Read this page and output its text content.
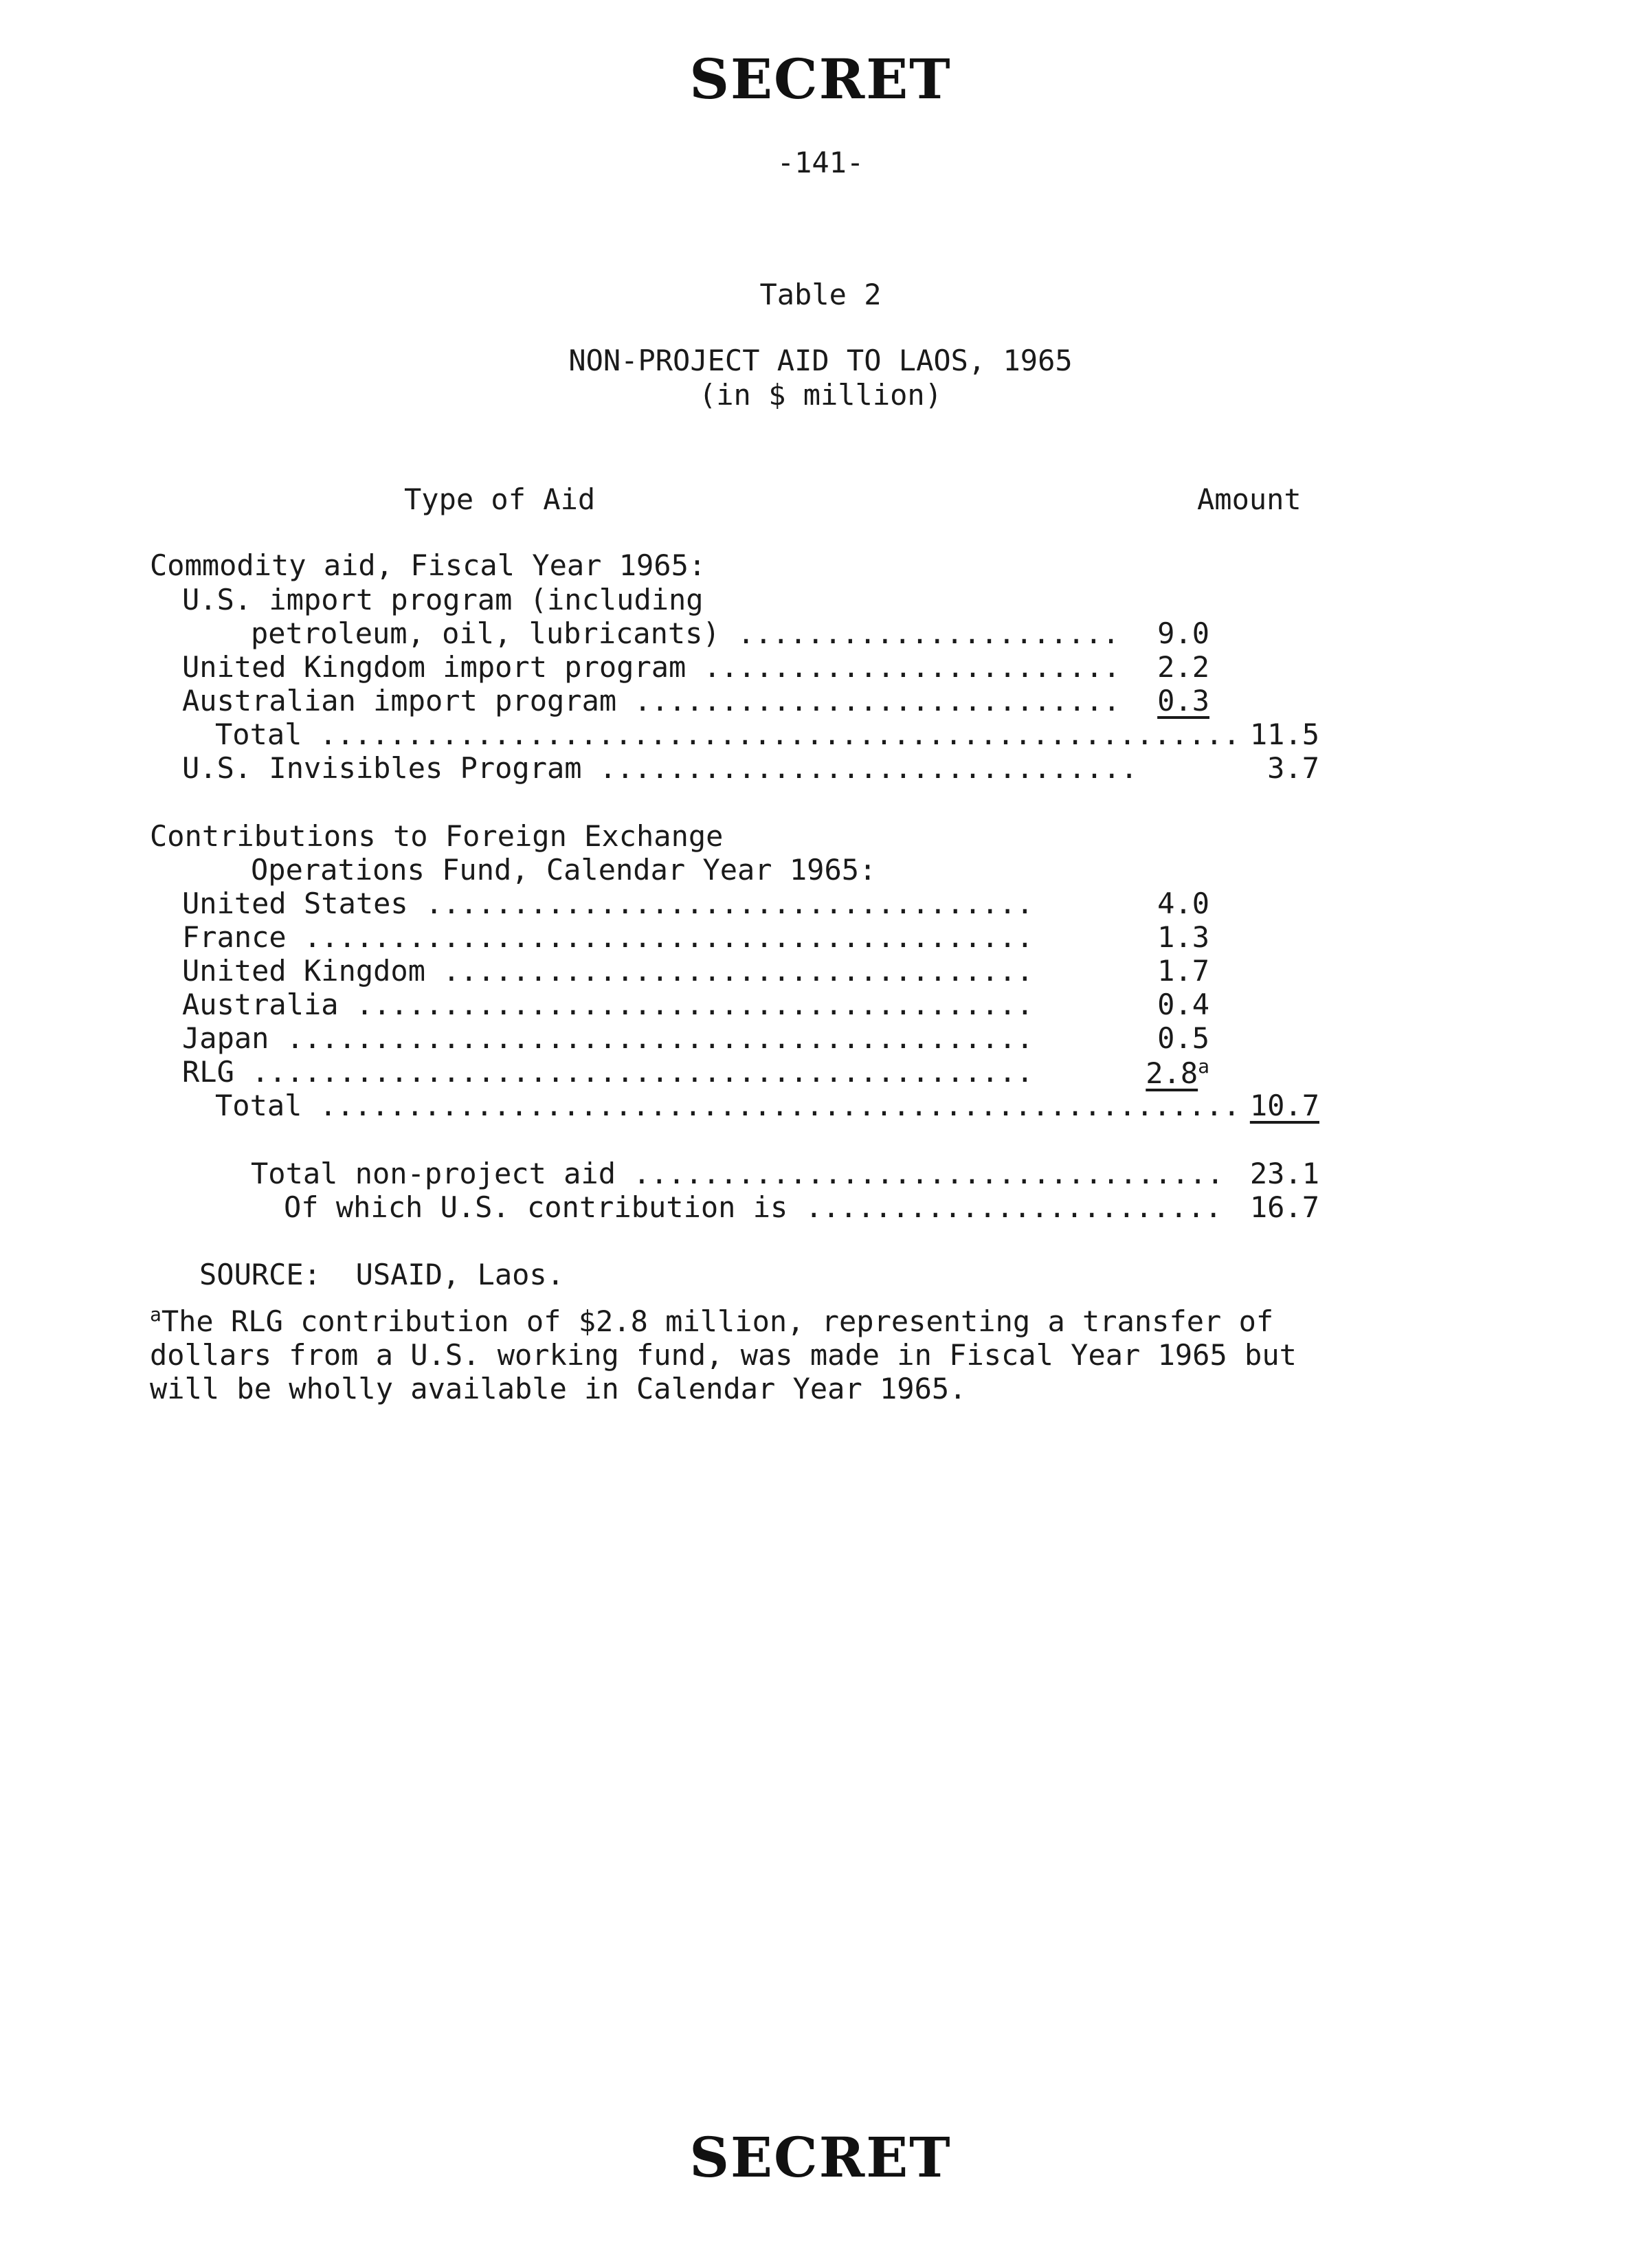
SECRET
-141-
Table 2
NON-PROJECT AID TO LAOS, 1965
(in $ million)
Type of Aid	Amount
Commodity aid, Fiscal Year 1965:
U.S. import program (including
petroleum, oil, lubricants) ......................	9.0
United Kingdom import program ........................	2.2
Australian import program ............................	0.3
Total ..................................................... 11.5
U.S. Invisibles Program ...............................	3.7
Contributions to Foreign Exchange
Operations Fund, Calendar Year 1965:
United States ...................................	4.0
France ..........................................	1.3
United Kingdom ..................................	1.7
Australia .......................................	0.4
Japan ...........................................	0.5
RLG .............................................	2.8$^a$
Total ..................................................... 10.7
Total non-project aid .................................. 23.1
Of which U.S. contribution is ........................ 16.7
SOURCE:  USAID, Laos.
$^a$The RLG contribution of $2.8 million, representing a transfer of dollars from a U.S. working fund, was made in Fiscal Year 1965 but will be wholly available in Calendar Year 1965.
SECRET
